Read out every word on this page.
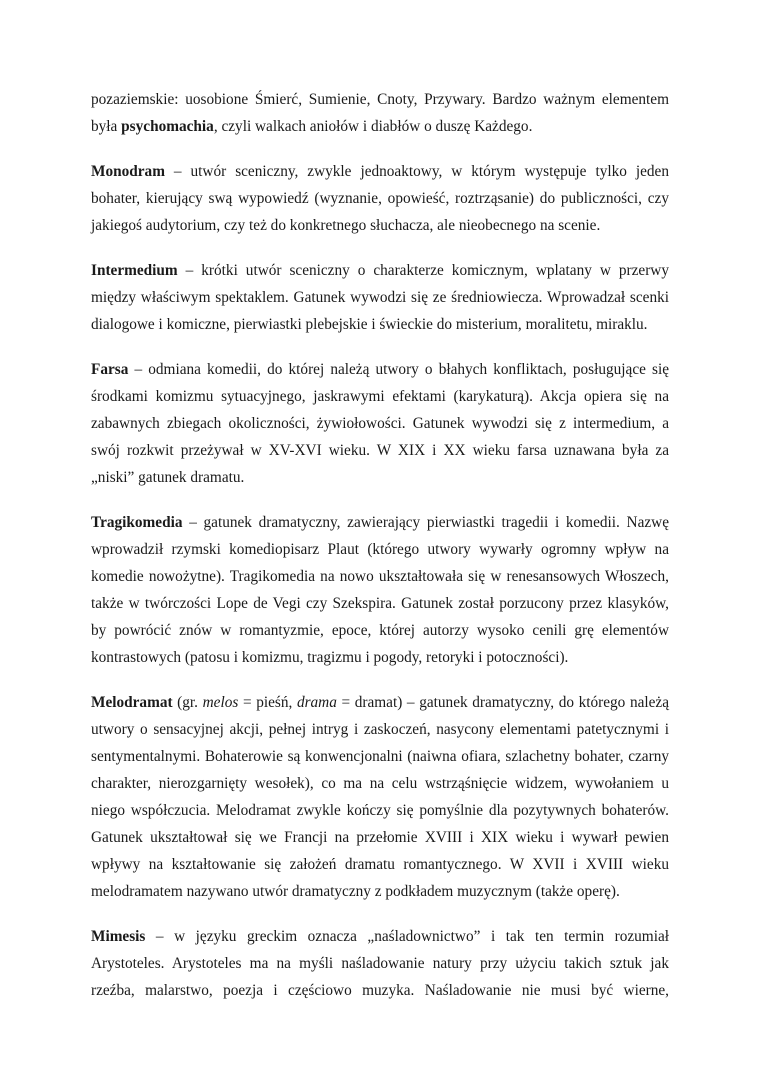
pozaziemskie: uosobione Śmierć, Sumienie, Cnoty, Przywary. Bardzo ważnym elementem
była psychomachia, czyli walkach aniołów i diabłów o duszę Każdego.
Monodram – utwór sceniczny, zwykle jednoaktowy, w którym występuje tylko jeden
bohater, kierujący swą wypowiedź (wyznanie, opowieść, roztrząsanie) do publiczności, czy
jakiegoś audytorium, czy też do konkretnego słuchacza, ale nieobecnego na scenie.
Intermedium – krótki utwór sceniczny o charakterze komicznym, wplatany w przerwy
między właściwym spektaklem. Gatunek wywodzi się ze średniowiecza. Wprowadzał scenki
dialogowe i komiczne, pierwiastki plebejskie i świeckie do misterium, moralitetu, miraklu.
Farsa – odmiana komedii, do której należą utwory o błahych konfliktach, posługujące się
środkami komizmu sytuacyjnego, jaskrawymi efektami (karykaturą). Akcja opiera się na
zabawnych zbiegach okoliczności, żywiołowości. Gatunek wywodzi się z intermedium, a
swój rozkwit przeżywał w XV-XVI wieku. W XIX i XX wieku farsa uznawana była za
„niski” gatunek dramatu.
Tragikomedia – gatunek dramatyczny, zawierający pierwiastki tragedii i komedii. Nazwę
wprowadził rzymski komediopisarz Plaut (którego utwory wywarły ogromny wpływ na
komedie nowożytne). Tragikomedia na nowo ukształtowała się w renesansowych Włoszech,
także w twórczości Lope de Vegi czy Szekspira. Gatunek został porzucony przez klasyków,
by powrócić znów w romantyzmie, epoce, której autorzy wysoko cenili grę elementów
kontrastowych (patosu i komizmu, tragizmu i pogody, retoryki i potoczności).
Melodramat (gr. melos = pieśń, drama = dramat) – gatunek dramatyczny, do którego należą
utwory o sensacyjnej akcji, pełnej intryg i zaskoczeń, nasycony elementami patetycznymi i
sentymentalnymi. Bohaterowie są konwencjonalni (naiwna ofiara, szlachetny bohater, czarny
charakter, nierozgarnięty wesołek), co ma na celu wstrząśnięcie widzem, wywołaniem u
niego współczucia. Melodramat zwykle kończy się pomyślnie dla pozytywnych bohaterów.
Gatunek ukształtował się we Francji na przełomie XVIII i XIX wieku i wywarł pewien
wpływy na kształtowanie się założeń dramatu romantycznego. W XVII i XVIII wieku
melodramatem nazywano utwór dramatyczny z podkładem muzycznym (także operę).
Mimesis – w języku greckim oznacza „naśladownictwo” i tak ten termin rozumiał
Arystoteles. Arystoteles ma na myśli naśladowanie natury przy użyciu takich sztuk jak
rzeźba, malarstwo, poezja i częściowo muzyka. Naśladowanie nie musi być wierne,
